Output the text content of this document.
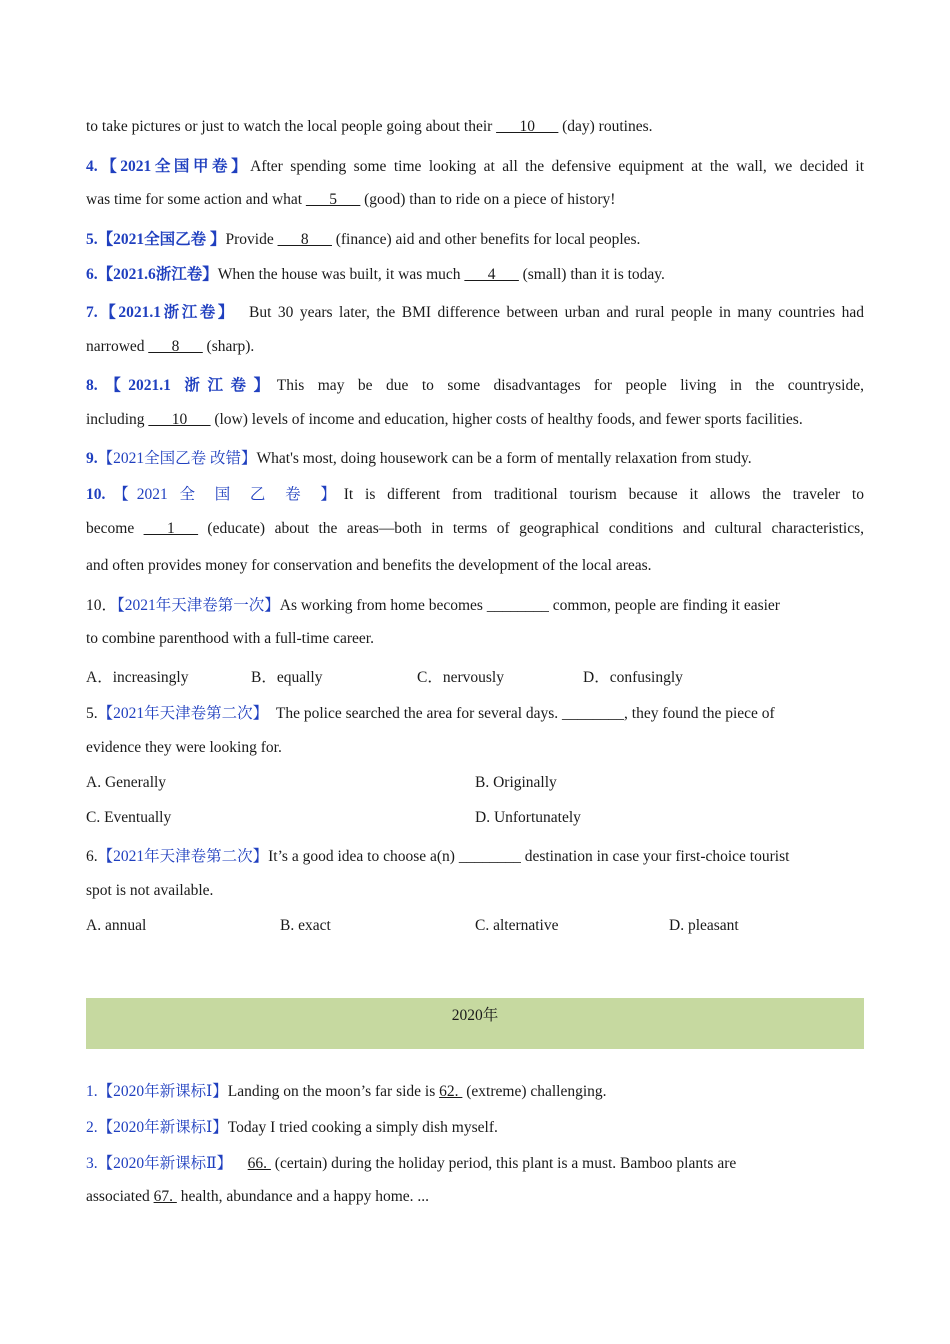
to take pictures or just to watch the local people going about their ___10___ (day) routines.
4.【2021全国甲卷】After spending some time looking at all the defensive equipment at the wall, we decided it
was time for some action and what ___5___ (good) than to ride on a piece of history!
5.【2021全国乙卷 】Provide ___8___ (finance) aid and other benefits for local peoples.
6.【2021.6浙江卷】When the house was built, it was much ___4___ (small) than it is today.
7.【2021.1浙江卷】  But 30 years later, the BMI difference between urban and rural people in many countries had
narrowed ___8___ (sharp).
8.【2021.1 浙江卷】This may be due to some disadvantages for people living in the countryside,
including ___10___ (low) levels of income and education, higher costs of healthy foods, and fewer sports facilities.
9.【2021全国乙卷 改错】What's most, doing housework can be a form of mentally relaxation from study.
10.【2021 全 国 乙 卷 】It is different from traditional tourism because it allows the traveler to
become ___1___ (educate) about the areas—both in terms of geographical conditions and cultural characteristics,
and often provides money for conservation and benefits the development of the local areas.
10．【2021年天津卷第一次】As working from home becomes ________ common, people are finding it easier
to combine parenthood with a full-time career.
A．increasingly	B．equally	C．nervously	D．confusingly
5.【2021年天津卷第二次】  The police searched the area for several days. ________, they found the piece of
evidence they were looking for.
A. Generally	B. Originally
C. Eventually	D. Unfortunately
6.【2021年天津卷第二次】It’s a good idea to choose a(n) ________ destination in case your first-choice tourist
spot is not available.
A. annual	B. exact	C. alternative	D. pleasant
2020年
1.【2020年新课标Ⅰ】Landing on the moon’s far side is 62.  (extreme) challenging.
2.【2020年新课标Ⅰ】Today I tried cooking a simply dish myself.
3.【2020年新课标Ⅱ】 66.  (certain) during the holiday period, this plant is a must. Bamboo plants are
associated 67.  health, abundance and a happy home. ...
